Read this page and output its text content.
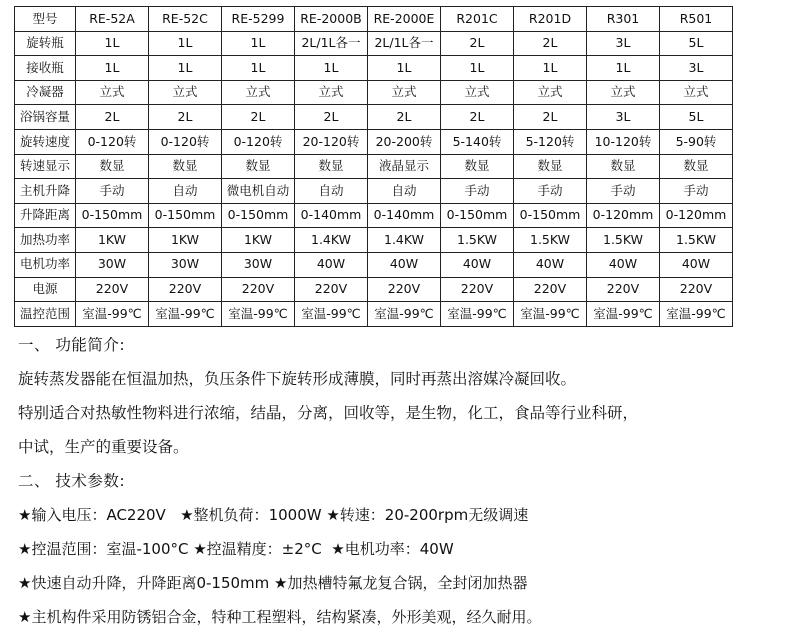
型号	RE-52A	RE-52C	RE-5299	RE-2000B	RE-2000E	R201C	R201D	R301	R501
旋转瓶	1L	1L	1L	2L/1L各一	2L/1L各一	2L	2L	3L	5L
接收瓶	1L	1L	1L	1L	1L	1L	1L	1L	3L
冷凝器	立式	立式	立式	立式	立式	立式	立式	立式	立式
浴锅容量	2L	2L	2L	2L	2L	2L	2L	3L	5L
旋转速度	0-120转	0-120转	0-120转	20-120转	20-200转	5-140转	5-120转	10-120转	5-90转
转速显示	数显	数显	数显	数显	液晶显示	数显	数显	数显	数显
主机升降	手动	自动	微电机自动	自动	自动	手动	手动	手动	手动
升降距离	0-150mm	0-150mm	0-150mm	0-140mm	0-140mm	0-150mm	0-150mm	0-120mm	0-120mm
加热功率	1KW	1KW	1KW	1.4KW	1.4KW	1.5KW	1.5KW	1.5KW	1.5KW
电机功率	30W	30W	30W	40W	40W	40W	40W	40W	40W
电源	220V	220V	220V	220V	220V	220V	220V	220V	220V
温控范围	室温-99℃	室温-99℃	室温-99℃	室温-99℃	室温-99℃	室温-99℃	室温-99℃	室温-99℃	室温-99℃
一、 功能简介:
旋转蒸发器能在恒温加热，负压条件下旋转形成薄膜，同时再蒸出溶媒冷凝回收。
特别适合对热敏性物料进行浓缩，结晶，分离，回收等，是生物，化工，食品等行业科研，
中试，生产的重要设备。
二、 技术参数:
★输入电压：AC220V   ★整机负荷：1000W ★转速：20-200rpm无级调速
★控温范围：室温-100°C ★控温精度：±2°C  ★电机功率：40W
★快速自动升降，升降距离0-150mm ★加热槽特氟龙复合锅，全封闭加热器
★主机构件采用防锈铝合金，特种工程塑料，结构紧凑，外形美观，经久耐用。
